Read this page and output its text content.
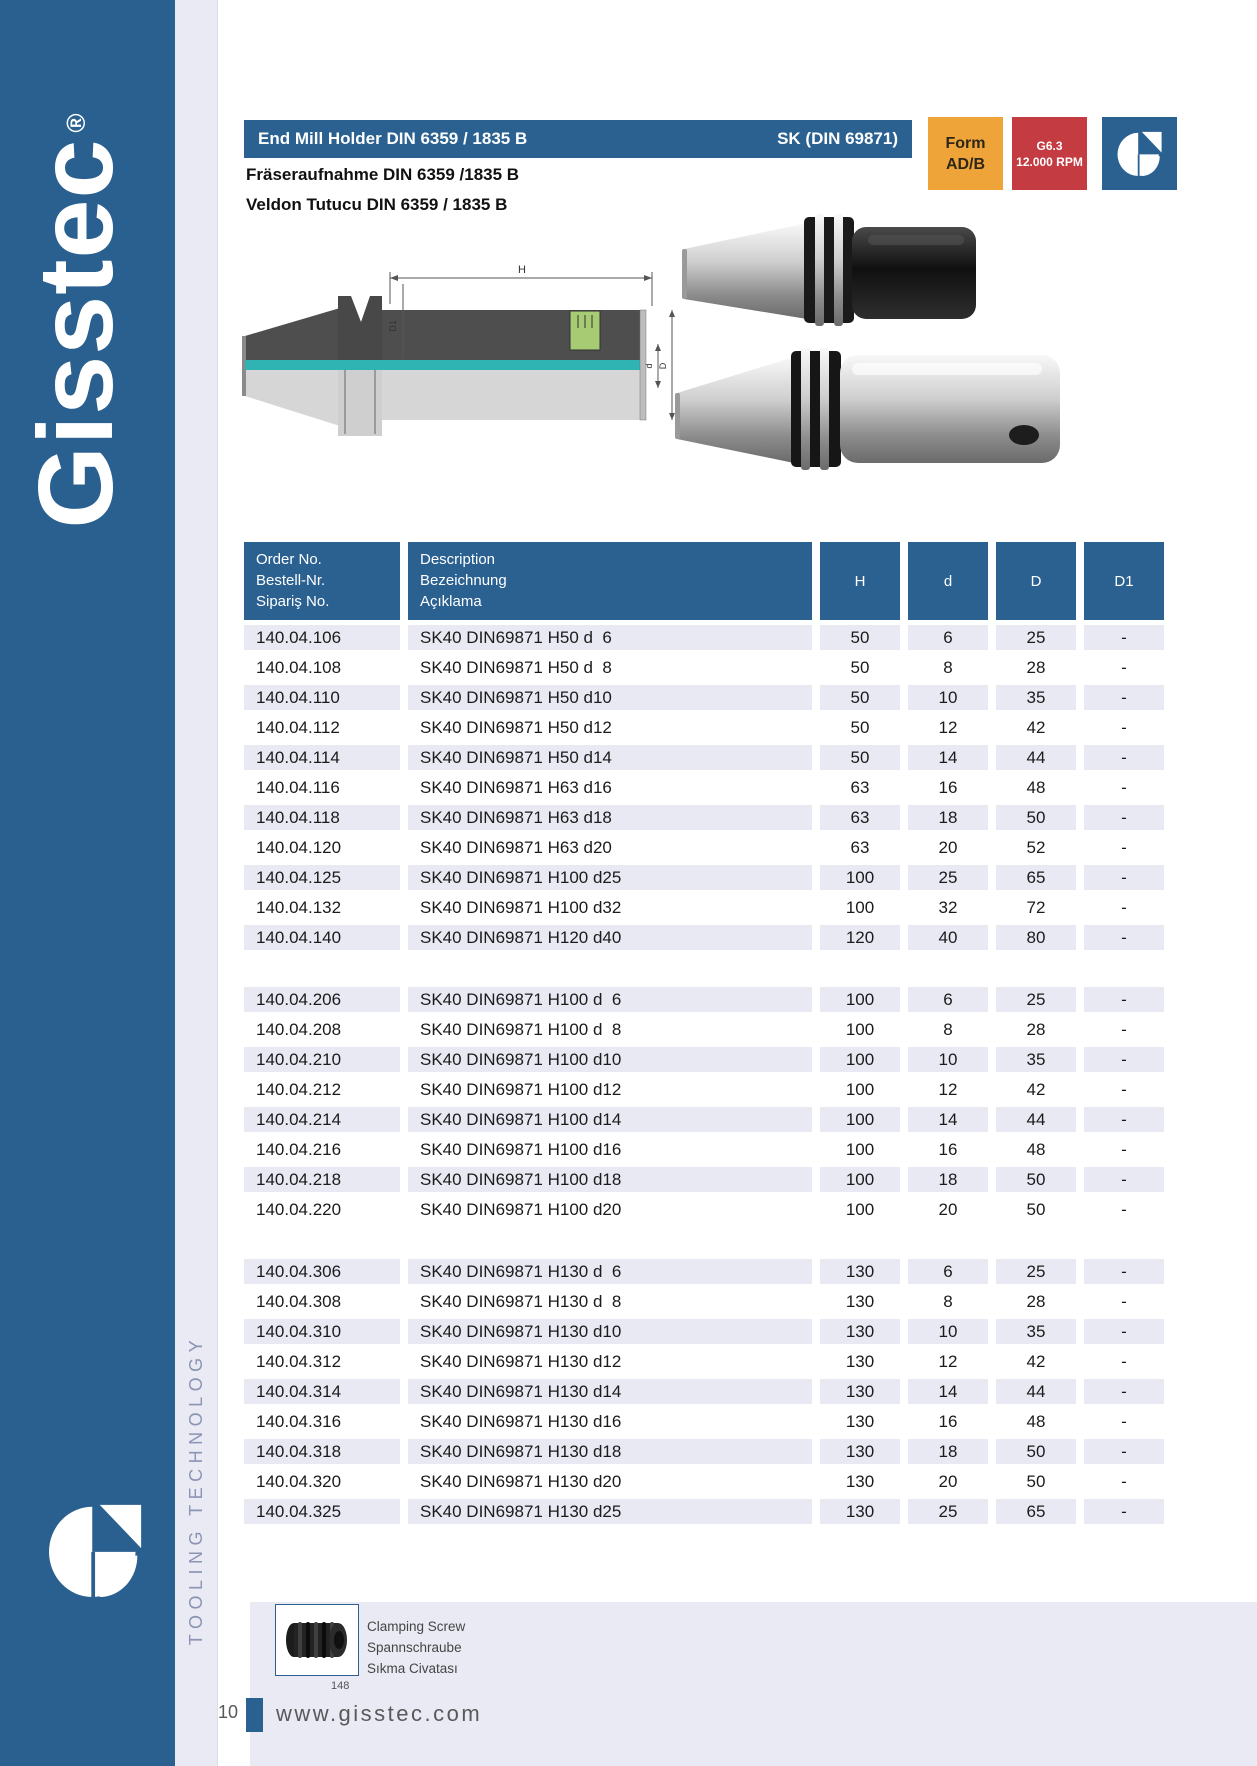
Gisstec
®
TOOLING TECHNOLOGY
End Mill Holder DIN 6359 / 1835 B	SK (DIN 69871)
Fräseraufnahme DIN 6359 /1835 B
Veldon Tutucu DIN 6359 / 1835 B
Form
AD/B
G6.3
12.000 RPM
H
D1
d D
Order No.
Bestell-Nr.
Sipariş No.
Description
Bezeichnung
Açıklama
H	d	D	D1
140.04.106	SK40 DIN69871 H50 d  6	50	6	25	-
140.04.108	SK40 DIN69871 H50 d  8	50	8	28	-
140.04.110	SK40 DIN69871 H50 d10	50	10	35	-
140.04.112	SK40 DIN69871 H50 d12	50	12	42	-
140.04.114	SK40 DIN69871 H50 d14	50	14	44	-
140.04.116	SK40 DIN69871 H63 d16	63	16	48	-
140.04.118	SK40 DIN69871 H63 d18	63	18	50	-
140.04.120	SK40 DIN69871 H63 d20	63	20	52	-
140.04.125	SK40 DIN69871 H100 d25	100	25	65	-
140.04.132	SK40 DIN69871 H100 d32	100	32	72	-
140.04.140	SK40 DIN69871 H120 d40	120	40	80	-
140.04.206	SK40 DIN69871 H100 d  6	100	6	25	-
140.04.208	SK40 DIN69871 H100 d  8	100	8	28	-
140.04.210	SK40 DIN69871 H100 d10	100	10	35	-
140.04.212	SK40 DIN69871 H100 d12	100	12	42	-
140.04.214	SK40 DIN69871 H100 d14	100	14	44	-
140.04.216	SK40 DIN69871 H100 d16	100	16	48	-
140.04.218	SK40 DIN69871 H100 d18	100	18	50	-
140.04.220	SK40 DIN69871 H100 d20	100	20	50	-
140.04.306	SK40 DIN69871 H130 d  6	130	6	25	-
140.04.308	SK40 DIN69871 H130 d  8	130	8	28	-
140.04.310	SK40 DIN69871 H130 d10	130	10	35	-
140.04.312	SK40 DIN69871 H130 d12	130	12	42	-
140.04.314	SK40 DIN69871 H130 d14	130	14	44	-
140.04.316	SK40 DIN69871 H130 d16	130	16	48	-
140.04.318	SK40 DIN69871 H130 d18	130	18	50	-
140.04.320	SK40 DIN69871 H130 d20	130	20	50	-
140.04.325	SK40 DIN69871 H130 d25	130	25	65	-
148
Clamping Screw
Spannschraube
Sıkma Civatası
10 www.gisstec.com
